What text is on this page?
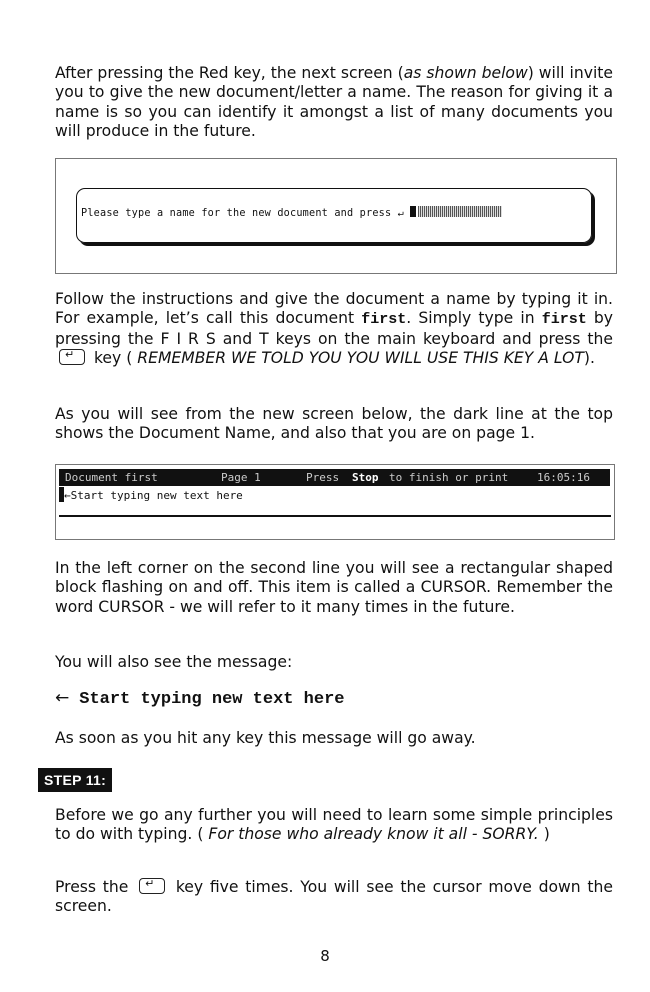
After pressing the Red key, the next screen (as shown below) will invite you to give the new document/letter a name. The reason for giving it a name is so you can identify it amongst a list of many documents you will produce in the future.

Please type a name for the new document and press ↵

Follow the instructions and give the document a name by typing it in. For example, let’s call this document first. Simply type in first by pressing the F I R S and T keys on the main keyboard and press the ↵ key ( REMEMBER WE TOLD YOU YOU WILL USE THIS KEY A LOT).

As you will see from the new screen below, the dark line at the top shows the Document Name, and also that you are on page 1.

Document first	Page 1	Press Stop to finish or print	16:05:16
←Start typing new text here

In the left corner on the second line you will see a rectangular shaped block flashing on and off. This item is called a CURSOR. Remember the word CURSOR - we will refer to it many times in the future.

You will also see the message:

← Start typing new text here

As soon as you hit any key this message will go away.

STEP 11:

Before we go any further you will need to learn some simple principles to do with typing. ( For those who already know it all - SORRY. )

Press the ↵ key five times. You will see the cursor move down the screen.

8
